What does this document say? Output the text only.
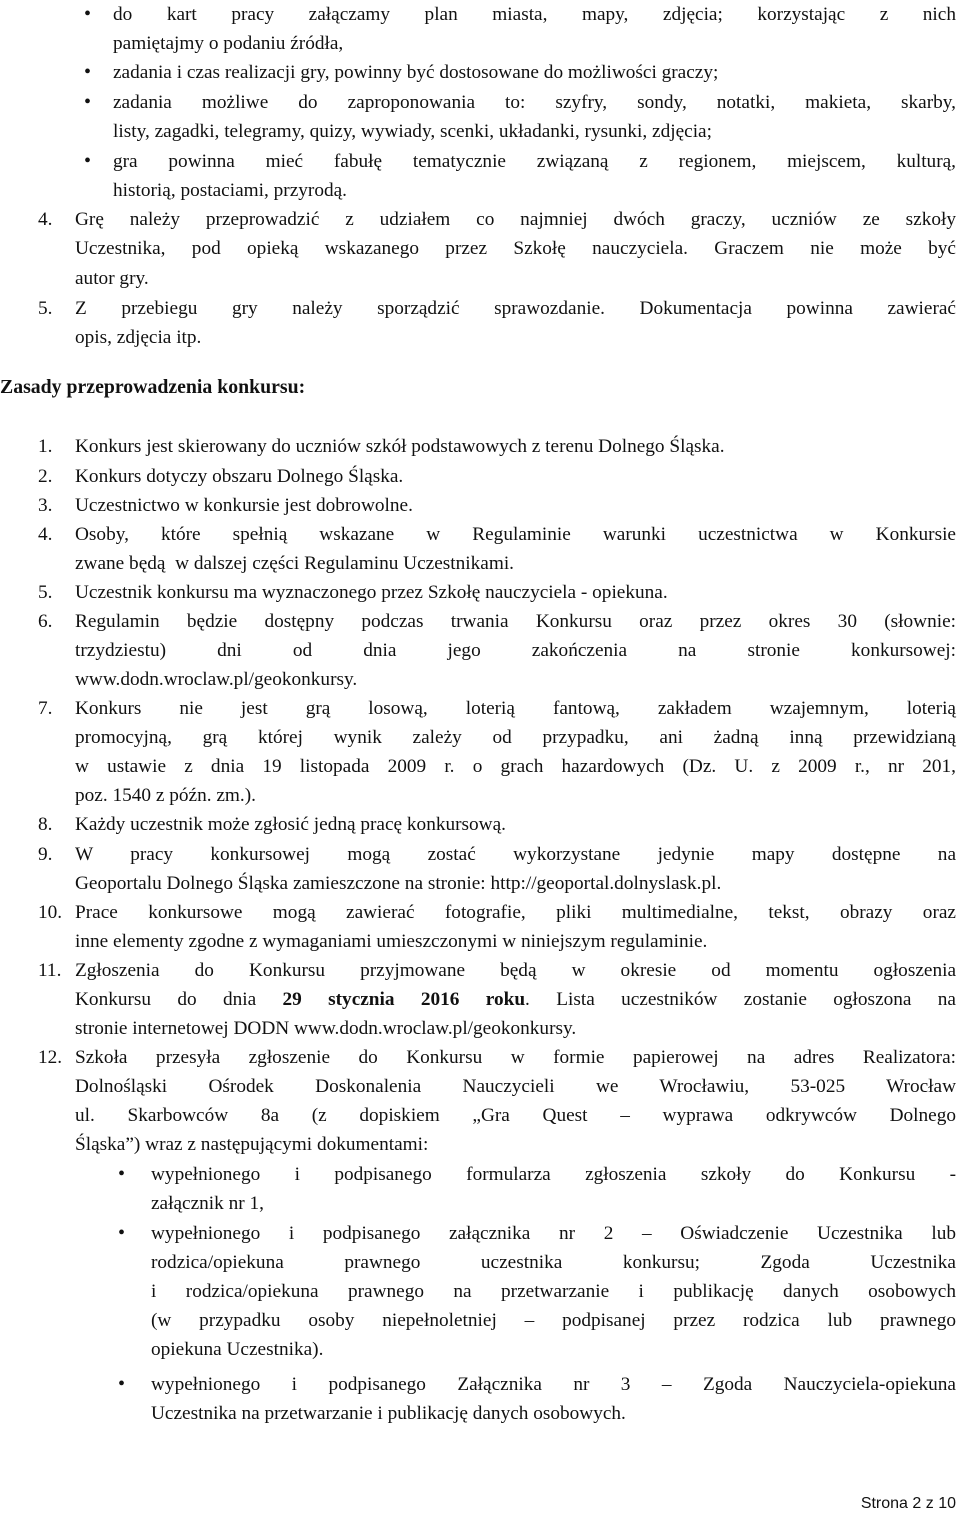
• do kart pracy załączamy plan miasta, mapy, zdjęcia; korzystając z nich
pamiętajmy o podaniu źródła,
• zadania i czas realizacji gry, powinny być dostosowane do możliwości graczy;
• zadania możliwe do zaproponowania to: szyfry, sondy, notatki, makieta, skarby,
listy, zagadki, telegramy, quizy, wywiady, scenki, układanki, rysunki, zdjęcia;
• gra powinna mieć fabułę tematycznie związaną z regionem, miejscem, kulturą,
historią, postaciami, przyrodą.
4. Grę należy przeprowadzić z udziałem co najmniej dwóch graczy, uczniów ze szkoły
Uczestnika, pod opieką wskazanego przez Szkołę nauczyciela. Graczem nie może być
autor gry.
5. Z przebiegu gry należy sporządzić sprawozdanie. Dokumentacja powinna zawierać
opis, zdjęcia itp.
Zasady przeprowadzenia konkursu:
1. Konkurs jest skierowany do uczniów szkół podstawowych z terenu Dolnego Śląska.
2. Konkurs dotyczy obszaru Dolnego Śląska.
3. Uczestnictwo w konkursie jest dobrowolne.
4. Osoby, które spełnią wskazane w Regulaminie warunki uczestnictwa w Konkursie
zwane będą  w dalszej części Regulaminu Uczestnikami.
5. Uczestnik konkursu ma wyznaczonego przez Szkołę nauczyciela - opiekuna.
6. Regulamin będzie dostępny podczas trwania Konkursu oraz przez okres 30 (słownie:
trzydziestu) dni od dnia jego zakończenia na stronie konkursowej:
www.dodn.wroclaw.pl/geokonkursy.
7. Konkurs nie jest grą losową, loterią fantową, zakładem wzajemnym, loterią
promocyjną, grą której wynik zależy od przypadku, ani żadną inną przewidzianą
w ustawie z dnia 19 listopada 2009 r. o grach hazardowych (Dz. U. z 2009 r., nr 201,
poz. 1540 z późn. zm.).
8. Każdy uczestnik może zgłosić jedną pracę konkursową.
9. W pracy konkursowej mogą zostać wykorzystane jedynie mapy dostępne na
Geoportalu Dolnego Śląska zamieszczone na stronie: http://geoportal.dolnyslask.pl.
10. Prace konkursowe mogą zawierać fotografie, pliki multimedialne, tekst, obrazy oraz
inne elementy zgodne z wymaganiami umieszczonymi w niniejszym regulaminie.
11. Zgłoszenia do Konkursu przyjmowane będą w okresie od momentu ogłoszenia
Konkursu do dnia 29 stycznia 2016 roku. Lista uczestników zostanie ogłoszona na
stronie internetowej DODN www.dodn.wroclaw.pl/geokonkursy.
12. Szkoła przesyła zgłoszenie do Konkursu w formie papierowej na adres Realizatora:
Dolnośląski Ośrodek Doskonalenia Nauczycieli we Wrocławiu, 53-025 Wrocław
ul. Skarbowców 8a (z dopiskiem „Gra Quest – wyprawa odkrywców Dolnego
Śląska”) wraz z następującymi dokumentami:
• wypełnionego i podpisanego formularza zgłoszenia szkoły do Konkursu -
załącznik nr 1,
• wypełnionego i podpisanego załącznika nr 2 – Oświadczenie Uczestnika lub
rodzica/opiekuna prawnego uczestnika konkursu; Zgoda Uczestnika
i rodzica/opiekuna prawnego na przetwarzanie i publikację danych osobowych
(w przypadku osoby niepełnoletniej – podpisanej przez rodzica lub prawnego
opiekuna Uczestnika).
• wypełnionego i podpisanego Załącznika nr 3 – Zgoda Nauczyciela-opiekuna
Uczestnika na przetwarzanie i publikację danych osobowych.
Strona 2 z 10
